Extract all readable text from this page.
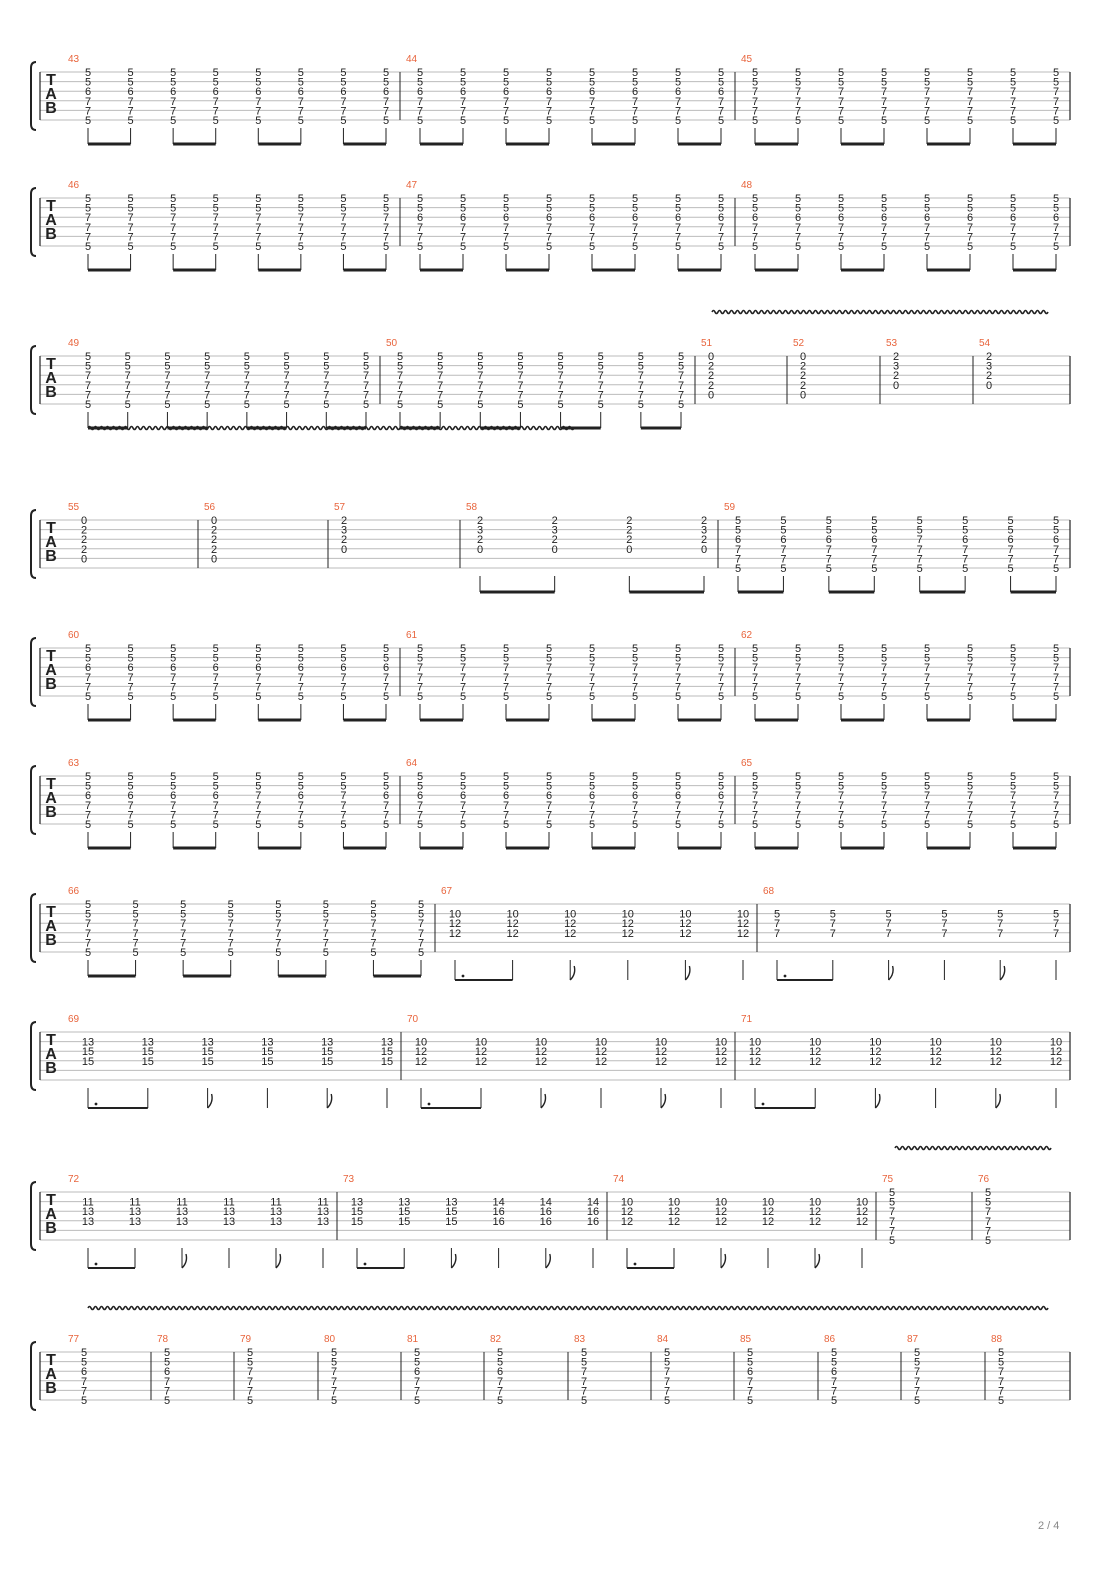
T
A
B
43
5
5
6
7
7
5
5
5
6
7
7
5
5
5
6
7
7
5
5
5
6
7
7
5
5
5
6
7
7
5
5
5
6
7
7
5
5
5
6
7
7
5
5
5
6
7
7
5
44
5
5
6
7
7
5
5
5
6
7
7
5
5
5
6
7
7
5
5
5
6
7
7
5
5
5
6
7
7
5
5
5
6
7
7
5
5
5
6
7
7
5
5
5
6
7
7
5
45
5
5
7
7
7
5
5
5
7
7
7
5
5
5
7
7
7
5
5
5
7
7
7
5
5
5
7
7
7
5
5
5
7
7
7
5
5
5
7
7
7
5
5
5
7
7
7
5
T
A
B
46
5
5
7
7
7
5
5
5
7
7
7
5
5
5
7
7
7
5
5
5
7
7
7
5
5
5
7
7
7
5
5
5
7
7
7
5
5
5
7
7
7
5
5
5
7
7
7
5
47
5
5
6
7
7
5
5
5
6
7
7
5
5
5
6
7
7
5
5
5
6
7
7
5
5
5
6
7
7
5
5
5
6
7
7
5
5
5
6
7
7
5
5
5
6
7
7
5
48
5
5
6
7
7
5
5
5
6
7
7
5
5
5
6
7
7
5
5
5
6
7
7
5
5
5
6
7
7
5
5
5
6
7
7
5
5
5
6
7
7
5
5
5
6
7
7
5
T
A
B
49
5
5
7
7
7
5
5
5
7
7
7
5
5
5
7
7
7
5
5
5
7
7
7
5
5
5
7
7
7
5
5
5
7
7
7
5
5
5
7
7
7
5
5
5
7
7
7
5
50
5
5
7
7
7
5
5
5
7
7
7
5
5
5
7
7
7
5
5
5
7
7
7
5
5
5
7
7
7
5
5
5
7
7
7
5
5
5
7
7
7
5
5
5
7
7
7
5
51
0
2
2
2
0
52
0
2
2
2
0
53
2
3
2
0
54
2
3
2
0
T
A
B
55
0
2
2
2
0
56
0
2
2
2
0
57
2
3
2
0
58
2
3
2
0
2
3
2
0
2
2
2
0
2
3
2
0
59
5
5
6
7
7
5
5
5
6
7
7
5
5
5
6
7
7
5
5
5
6
7
7
5
5
5
7
7
7
5
5
5
6
7
7
5
5
5
6
7
7
5
5
5
6
7
7
5
T
A
B
60
5
5
6
7
7
5
5
5
6
7
7
5
5
5
6
7
7
5
5
5
6
7
7
5
5
5
6
7
7
5
5
5
6
7
7
5
5
5
6
7
7
5
5
5
6
7
7
5
61
5
5
7
7
7
5
5
5
7
7
7
5
5
5
7
7
7
5
5
5
7
7
7
5
5
5
7
7
7
5
5
5
7
7
7
5
5
5
7
7
7
5
5
5
7
7
7
5
62
5
5
7
7
7
5
5
5
7
7
7
5
5
5
7
7
7
5
5
5
7
7
7
5
5
5
7
7
7
5
5
5
7
7
7
5
5
5
7
7
7
5
5
5
7
7
7
5
T
A
B
63
5
5
6
7
7
5
5
5
6
7
7
5
5
5
6
7
7
5
5
5
6
7
7
5
5
5
7
7
7
5
5
5
6
7
7
5
5
5
7
7
7
5
5
5
6
7
7
5
64
5
5
6
7
7
5
5
5
6
7
7
5
5
5
6
7
7
5
5
5
6
7
7
5
5
5
6
7
7
5
5
5
6
7
7
5
5
5
6
7
7
5
5
5
6
7
7
5
65
5
5
7
7
7
5
5
5
7
7
7
5
5
5
7
7
7
5
5
5
7
7
7
5
5
5
7
7
7
5
5
5
7
7
7
5
5
5
7
7
7
5
5
5
7
7
7
5
T
A
B
66
5
5
7
7
7
5
5
5
7
7
7
5
5
5
7
7
7
5
5
5
7
7
7
5
5
5
7
7
7
5
5
5
7
7
7
5
5
5
7
7
7
5
5
5
7
7
7
5
67
10
12
12
10
12
12
10
12
12
10
12
12
10
12
12
10
12
12
68
5
7
7
5
7
7
5
7
7
5
7
7
5
7
7
5
7
7
T
A
B
69
13
15
15
13
15
15
13
15
15
13
15
15
13
15
15
13
15
15
70
10
12
12
10
12
12
10
12
12
10
12
12
10
12
12
10
12
12
71
10
12
12
10
12
12
10
12
12
10
12
12
10
12
12
10
12
12
T
A
B
72
11
13
13
11
13
13
11
13
13
11
13
13
11
13
13
11
13
13
73
13
15
15
13
15
15
13
15
15
14
16
16
14
16
16
14
16
16
74
10
12
12
10
12
12
10
12
12
10
12
12
10
12
12
10
12
12
75
5
5
7
7
7
5
76
5
5
7
7
7
5
T
A
B
77
5
5
6
7
7
5
78
5
5
6
7
7
5
79
5
5
7
7
7
5
80
5
5
7
7
7
5
81
5
5
6
7
7
5
82
5
5
6
7
7
5
83
5
5
7
7
7
5
84
5
5
7
7
7
5
85
5
5
6
7
7
5
86
5
5
6
7
7
5
87
5
5
7
7
7
5
88
5
5
7
7
7
5
2 / 4
